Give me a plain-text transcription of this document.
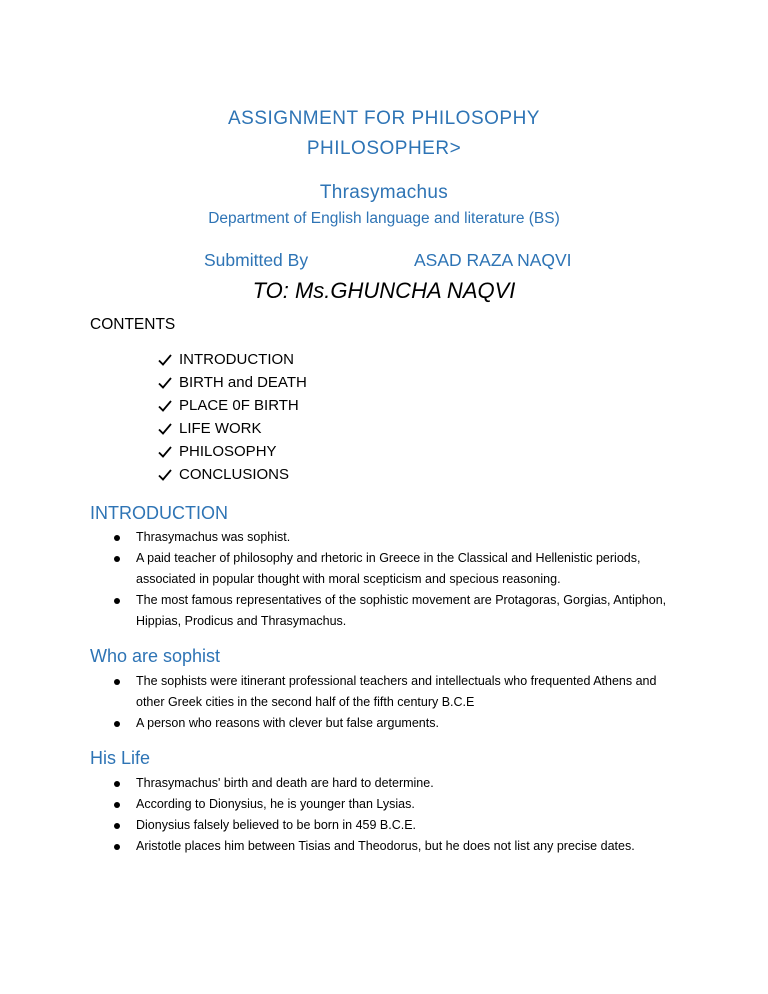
ASSIGNMENT FOR PHILOSOPHY
PHILOSOPHER>
Thrasymachus
Department of English language and literature (BS)
Submitted By	ASAD RAZA NAQVI
TO: Ms.GHUNCHA NAQVI
CONTENTS
INTRODUCTION
BIRTH and DEATH
PLACE 0F BIRTH
LIFE WORK
PHILOSOPHY
CONCLUSIONS
INTRODUCTION
Thrasymachus was sophist.
A paid teacher of philosophy and rhetoric in Greece in the Classical and Hellenistic periods, associated in popular thought with moral scepticism and specious reasoning.
The most famous representatives of the sophistic movement are Protagoras, Gorgias, Antiphon, Hippias, Prodicus and Thrasymachus.
Who are sophist
The sophists were itinerant professional teachers and intellectuals who frequented Athens and other Greek cities in the second half of the fifth century B.C.E
A person who reasons with clever but false arguments.
His Life
Thrasymachus' birth and death are hard to determine.
According to Dionysius, he is younger than Lysias.
Dionysius falsely believed to be born in 459 B.C.E.
Aristotle places him between Tisias and Theodorus, but he does not list any precise dates.
